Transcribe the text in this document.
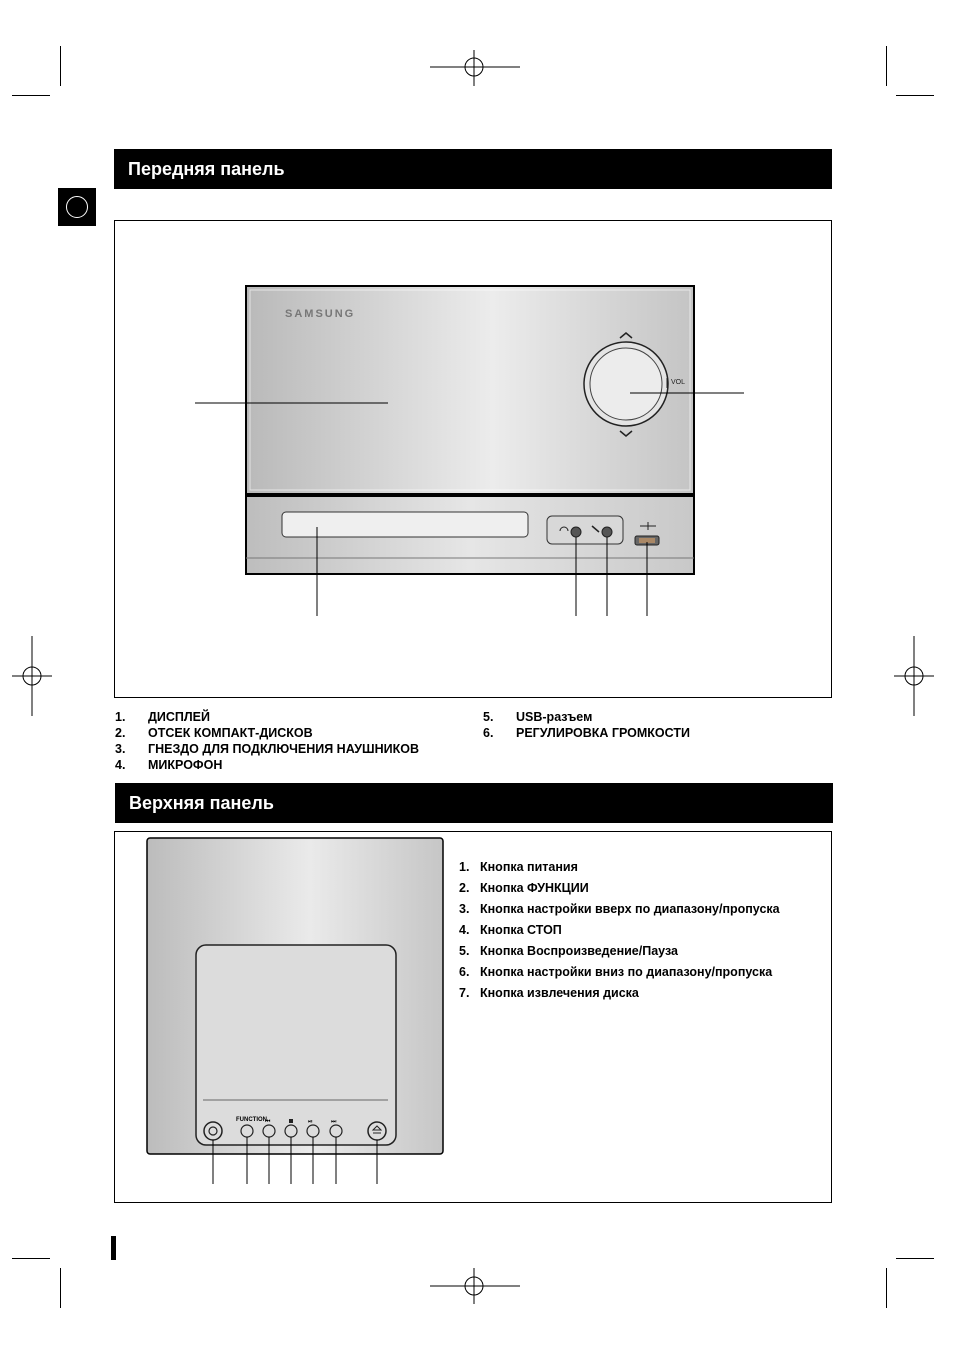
Передняя панель
SAMSUNG
VOL
1.	ДИСПЛЕЙ
2.	ОТСЕК КОМПАКТ-ДИСКОВ
3.	ГНЕЗДО ДЛЯ ПОДКЛЮЧЕНИЯ НАУШНИКОВ
4.	МИКРОФОН
5.	USB-разъем
6.	РЕГУЛИРОВКА ГРОМКОСТИ
Верхняя панель
⏮	⏯	⏭
FUNCTION
1. Кнопка питания
2. Кнопка ФУНКЦИИ
3. Кнопка настройки вверх по диапазону/пропуска
4. Кнопка СТОП
5. Кнопка Воспроизведение/Пауза
6. Кнопка настройки вниз по диапазону/пропуска
7. Кнопка извлечения диска
